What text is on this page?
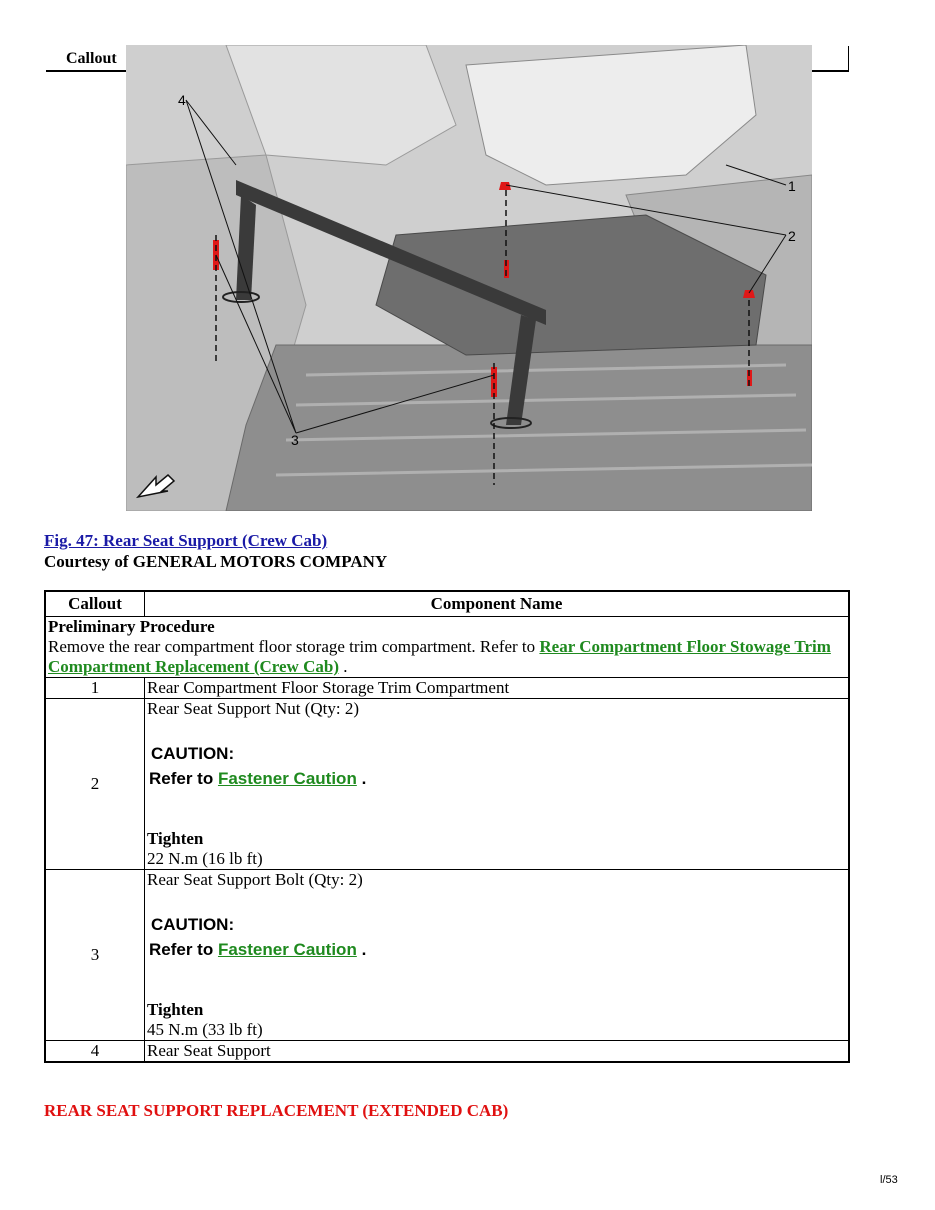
Callout
4
1
2
3
Fig. 47: Rear Seat Support (Crew Cab)
Courtesy of GENERAL MOTORS COMPANY
Callout	Component Name
Preliminary Procedure
Remove the rear compartment floor storage trim compartment. Refer to Rear Compartment Floor Stowage Trim Compartment Replacement (Crew Cab) .	
1	Rear Compartment Floor Storage Trim Compartment
2	Rear Seat Support Nut (Qty: 2)
CAUTION:
Refer to Fastener Caution .
Tighten
22 N.m (16 lb ft)

3	Rear Seat Support Bolt (Qty: 2)
CAUTION:
Refer to Fastener Caution .
Tighten
45 N.m (33 lb ft)

4	Rear Seat Support
REAR SEAT SUPPORT REPLACEMENT (EXTENDED CAB)
l/53
